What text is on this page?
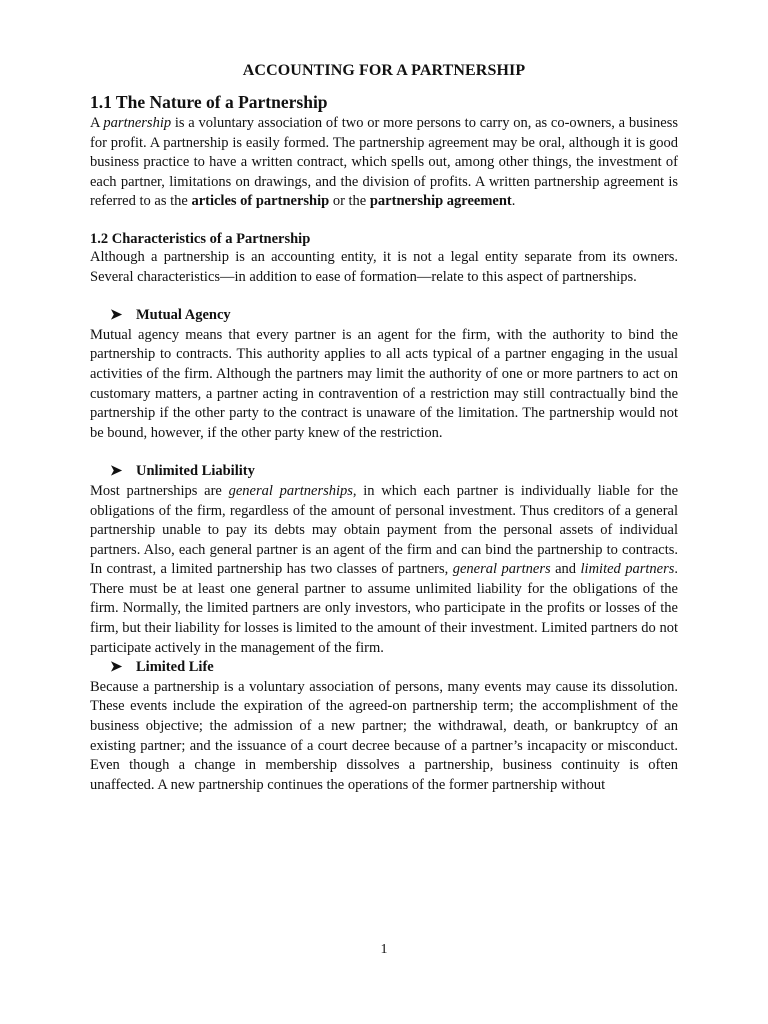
ACCOUNTING FOR A PARTNERSHIP
1.1 The Nature of a Partnership

A partnership is a voluntary association of two or more persons to carry on, as co-owners, a business for profit. A partnership is easily formed. The partnership agreement may be oral, although it is good business practice to have a written contract, which spells out, among other things, the investment of each partner, limitations on drawings, and the division of profits. A written partnership agreement is referred to as the articles of partnership or the partnership agreement.

1.2 Characteristics of a Partnership

Although a partnership is an accounting entity, it is not a legal entity separate from its owners. Several characteristics—in addition to ease of formation—relate to this aspect of partnerships.

➤ Mutual Agency

Mutual agency means that every partner is an agent for the firm, with the authority to bind the partnership to contracts. This authority applies to all acts typical of a partner engaging in the usual activities of the firm. Although the partners may limit the authority of one or more partners to act on customary matters, a partner acting in contravention of a restriction may still contractually bind the partnership if the other party to the contract is unaware of the limitation. The partnership would not be bound, however, if the other party knew of the restriction.

➤ Unlimited Liability

Most partnerships are general partnerships, in which each partner is individually liable for the obligations of the firm, regardless of the amount of personal investment. Thus creditors of a general partnership unable to pay its debts may obtain payment from the personal assets of individual partners. Also, each general partner is an agent of the firm and can bind the partnership to contracts. In contrast, a limited partnership has two classes of partners, general partners and limited partners. There must be at least one general partner to assume unlimited liability for the obligations of the firm. Normally, the limited partners are only investors, who participate in the profits or losses of the firm, but their liability for losses is limited to the amount of their investment. Limited partners do not participate actively in the management of the firm.

➤ Limited Life

Because a partnership is a voluntary association of persons, many events may cause its dissolution. These events include the expiration of the agreed-on partnership term; the accomplishment of the business objective; the admission of a new partner; the withdrawal, death, or bankruptcy of an existing partner; and the issuance of a court decree because of a partner’s incapacity or misconduct. Even though a change in membership dissolves a partnership, business continuity is often unaffected. A new partnership continues the operations of the former partnership without

1
